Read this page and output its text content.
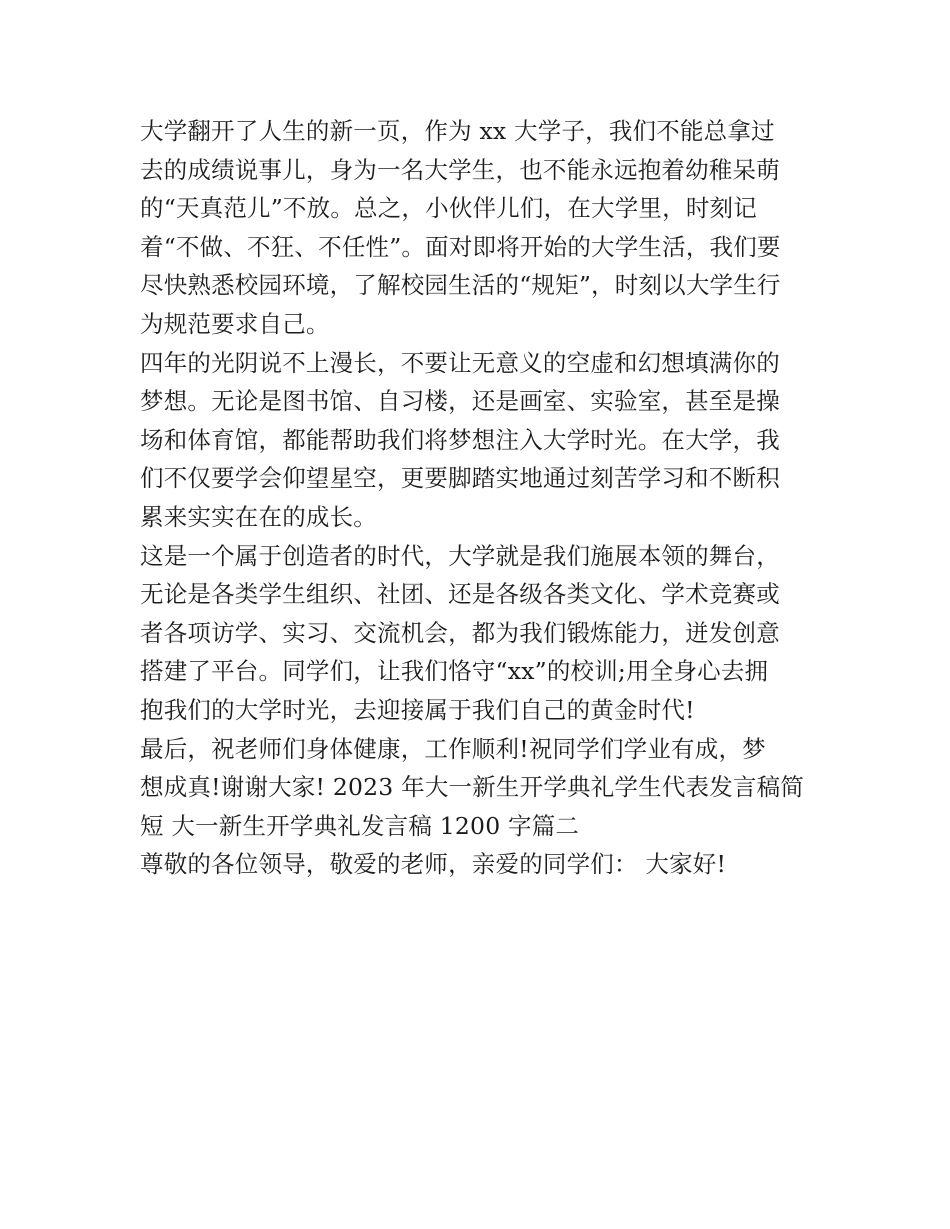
大学翻开了人生的新一页，作为 xx 大学子，我们不能总拿过
去的成绩说事儿，身为一名大学生，也不能永远抱着幼稚呆萌
的“天真范儿”不放。总之，小伙伴儿们，在大学里，时刻记
着“不做、不狂、不任性”。面对即将开始的大学生活，我们要
尽快熟悉校园环境，了解校园生活的“规矩”，时刻以大学生行
为规范要求自己。
四年的光阴说不上漫长，不要让无意义的空虚和幻想填满你的
梦想。无论是图书馆、自习楼，还是画室、实验室，甚至是操
场和体育馆，都能帮助我们将梦想注入大学时光。在大学，我
们不仅要学会仰望星空，更要脚踏实地通过刻苦学习和不断积
累来实实在在的成长。
这是一个属于创造者的时代，大学就是我们施展本领的舞台，
无论是各类学生组织、社团、还是各级各类文化、学术竞赛或
者各项访学、实习、交流机会，都为我们锻炼能力，迸发创意
搭建了平台。同学们，让我们恪守“xx”的校训;用全身心去拥
抱我们的大学时光，去迎接属于我们自己的黄金时代!
最后，祝老师们身体健康，工作顺利!祝同学们学业有成，梦
想成真!谢谢大家! 2023 年大一新生开学典礼学生代表发言稿简
短 大一新生开学典礼发言稿 1200 字篇二
尊敬的各位领导，敬爱的老师，亲爱的同学们： 大家好!
